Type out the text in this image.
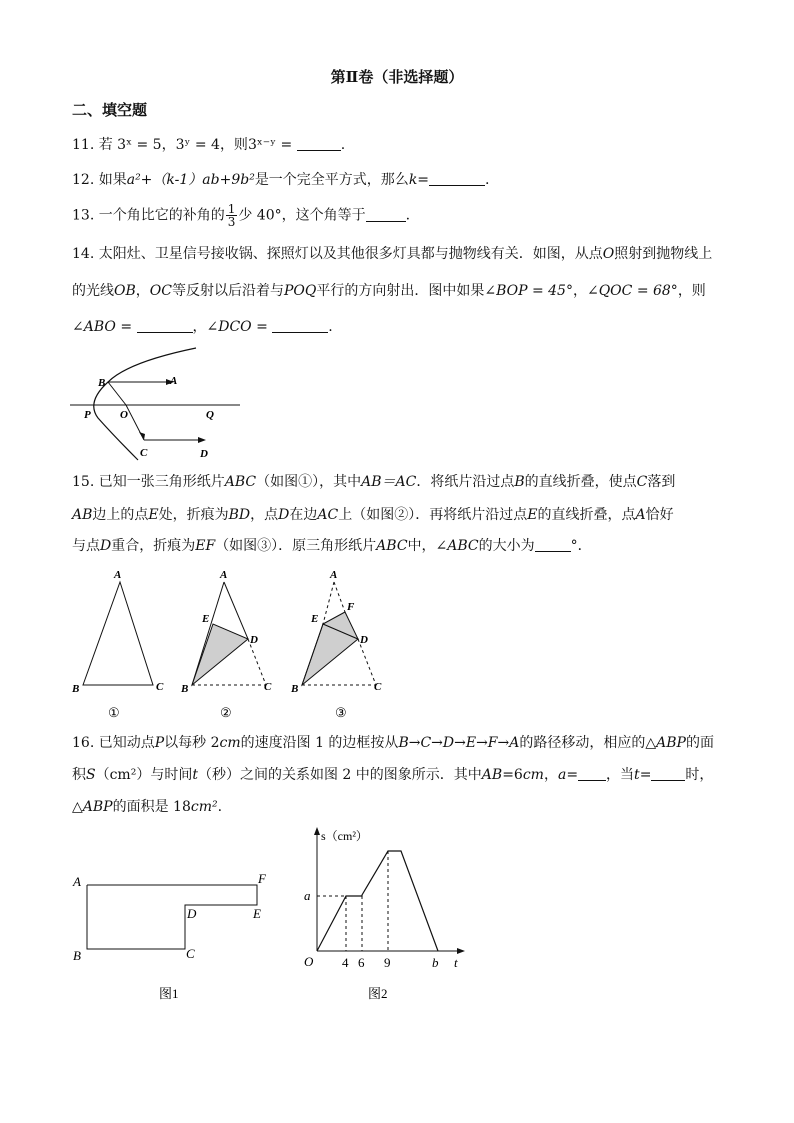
第Ⅱ卷（非选择题）
二、填空题
11. 若 3ˣ = 5，3ʸ = 4，则3ˣ⁻ʸ =	.
12. 如果a²+（k-1）ab+9b²是一个完全平方式，那么k=	.
13. 一个角比它的补角的 $\frac{1}{3}$ 少 40°，这个角等于	.
14. 太阳灶、卫星信号接收锅、探照灯以及其他很多灯具都与抛物线有关．如图，从点O照射到抛物线上
的光线OB，OC等反射以后沿着与POQ平行的方向射出．图中如果∠BOP = 45°，∠QOC = 68°，则
∠ABO =	，∠DCO =	.
B	A
P	O	Q
C	D
15. 已知一张三角形纸片ABC（如图①），其中AB＝AC．将纸片沿过点B的直线折叠，使点C落到
AB边上的点E处，折痕为BD，点D在边AC上（如图②）．再将纸片沿过点E的直线折叠，点A恰好
与点D重合，折痕为EF（如图③）．原三角形纸片ABC中，∠ABC的大小为	°．
A
B	C
①
A
E
D
B	C
②
A
F
E
D
B	C
③
16. 已知动点P以每秒 2cm的速度沿图 1 的边框按从B→C→D→E→F→A的路径移动，相应的△ABP的面
积S（cm²）与时间t（秒）之间的关系如图 2 中的图象所示．其中AB=6cm，a= ，当t= 时，
△ABP的面积是 18cm².
A
B	C
D	E
F
图1
s（cm²）
a
O 4 6 9	b t
图2
